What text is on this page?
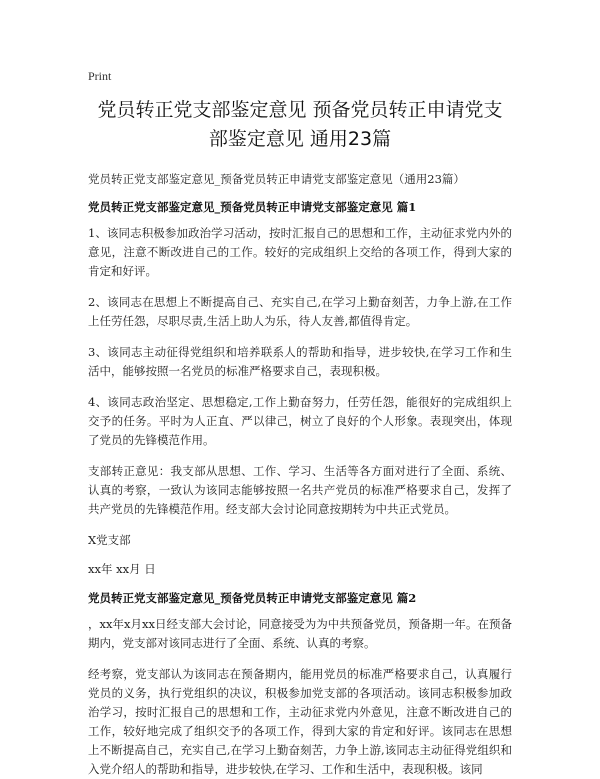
Print
党员转正党支部鉴定意见 预备党员转正申请党支部鉴定意见 通用23篇
党员转正党支部鉴定意见_预备党员转正申请党支部鉴定意见（通用23篇）
党员转正党支部鉴定意见_预备党员转正申请党支部鉴定意见 篇1

1、该同志积极参加政治学习活动，按时汇报自己的思想和工作，主动征求党内外的意见，注意不断改进自己的工作。较好的完成组织上交给的各项工作，得到大家的肯定和好评。

2、该同志在思想上不断提高自己、充实自己,在学习上勤奋刻苦，力争上游,在工作上任劳任怨，尽职尽责,生活上助人为乐，待人友善,都值得肯定。

3、该同志主动征得党组织和培养联系人的帮助和指导，进步较快,在学习工作和生活中，能够按照一名党员的标准严格要求自己，表现积极。

4、该同志政治坚定、思想稳定,工作上勤奋努力，任劳任怨，能很好的完成组织上交予的任务。平时为人正直、严以律己，树立了良好的个人形象。表现突出，体现了党员的先锋模范作用。

支部转正意见：我支部从思想、工作、学习、生活等各方面对进行了全面、系统、认真的考察，一致认为该同志能够按照一名共产党员的标准严格要求自己，发挥了共产党员的先锋模范作用。经支部大会讨论同意按期转为中共正式党员。

X党支部

xx年 xx月 日

党员转正党支部鉴定意见_预备党员转正申请党支部鉴定意见 篇2

，xx年x月xx日经支部大会讨论，同意接受为为中共预备党员，预备期一年。在预备期内，党支部对该同志进行了全面、系统、认真的考察。

经考察，党支部认为该同志在预备期内，能用党员的标准严格要求自己，认真履行党员的义务，执行党组织的决议，积极参加党支部的各项活动。该同志积极参加政治学习，按时汇报自己的思想和工作，主动征求党内外意见，注意不断改进自己的工作，较好地完成了组织交予的各项工作，得到大家的肯定和好评。该同志在思想上不断提高自己，充实自己,在学习上勤奋刻苦，力争上游,该同志主动征得党组织和入党介绍人的帮助和指导，进步较快,在学习、工作和生活中，表现积极。该同
